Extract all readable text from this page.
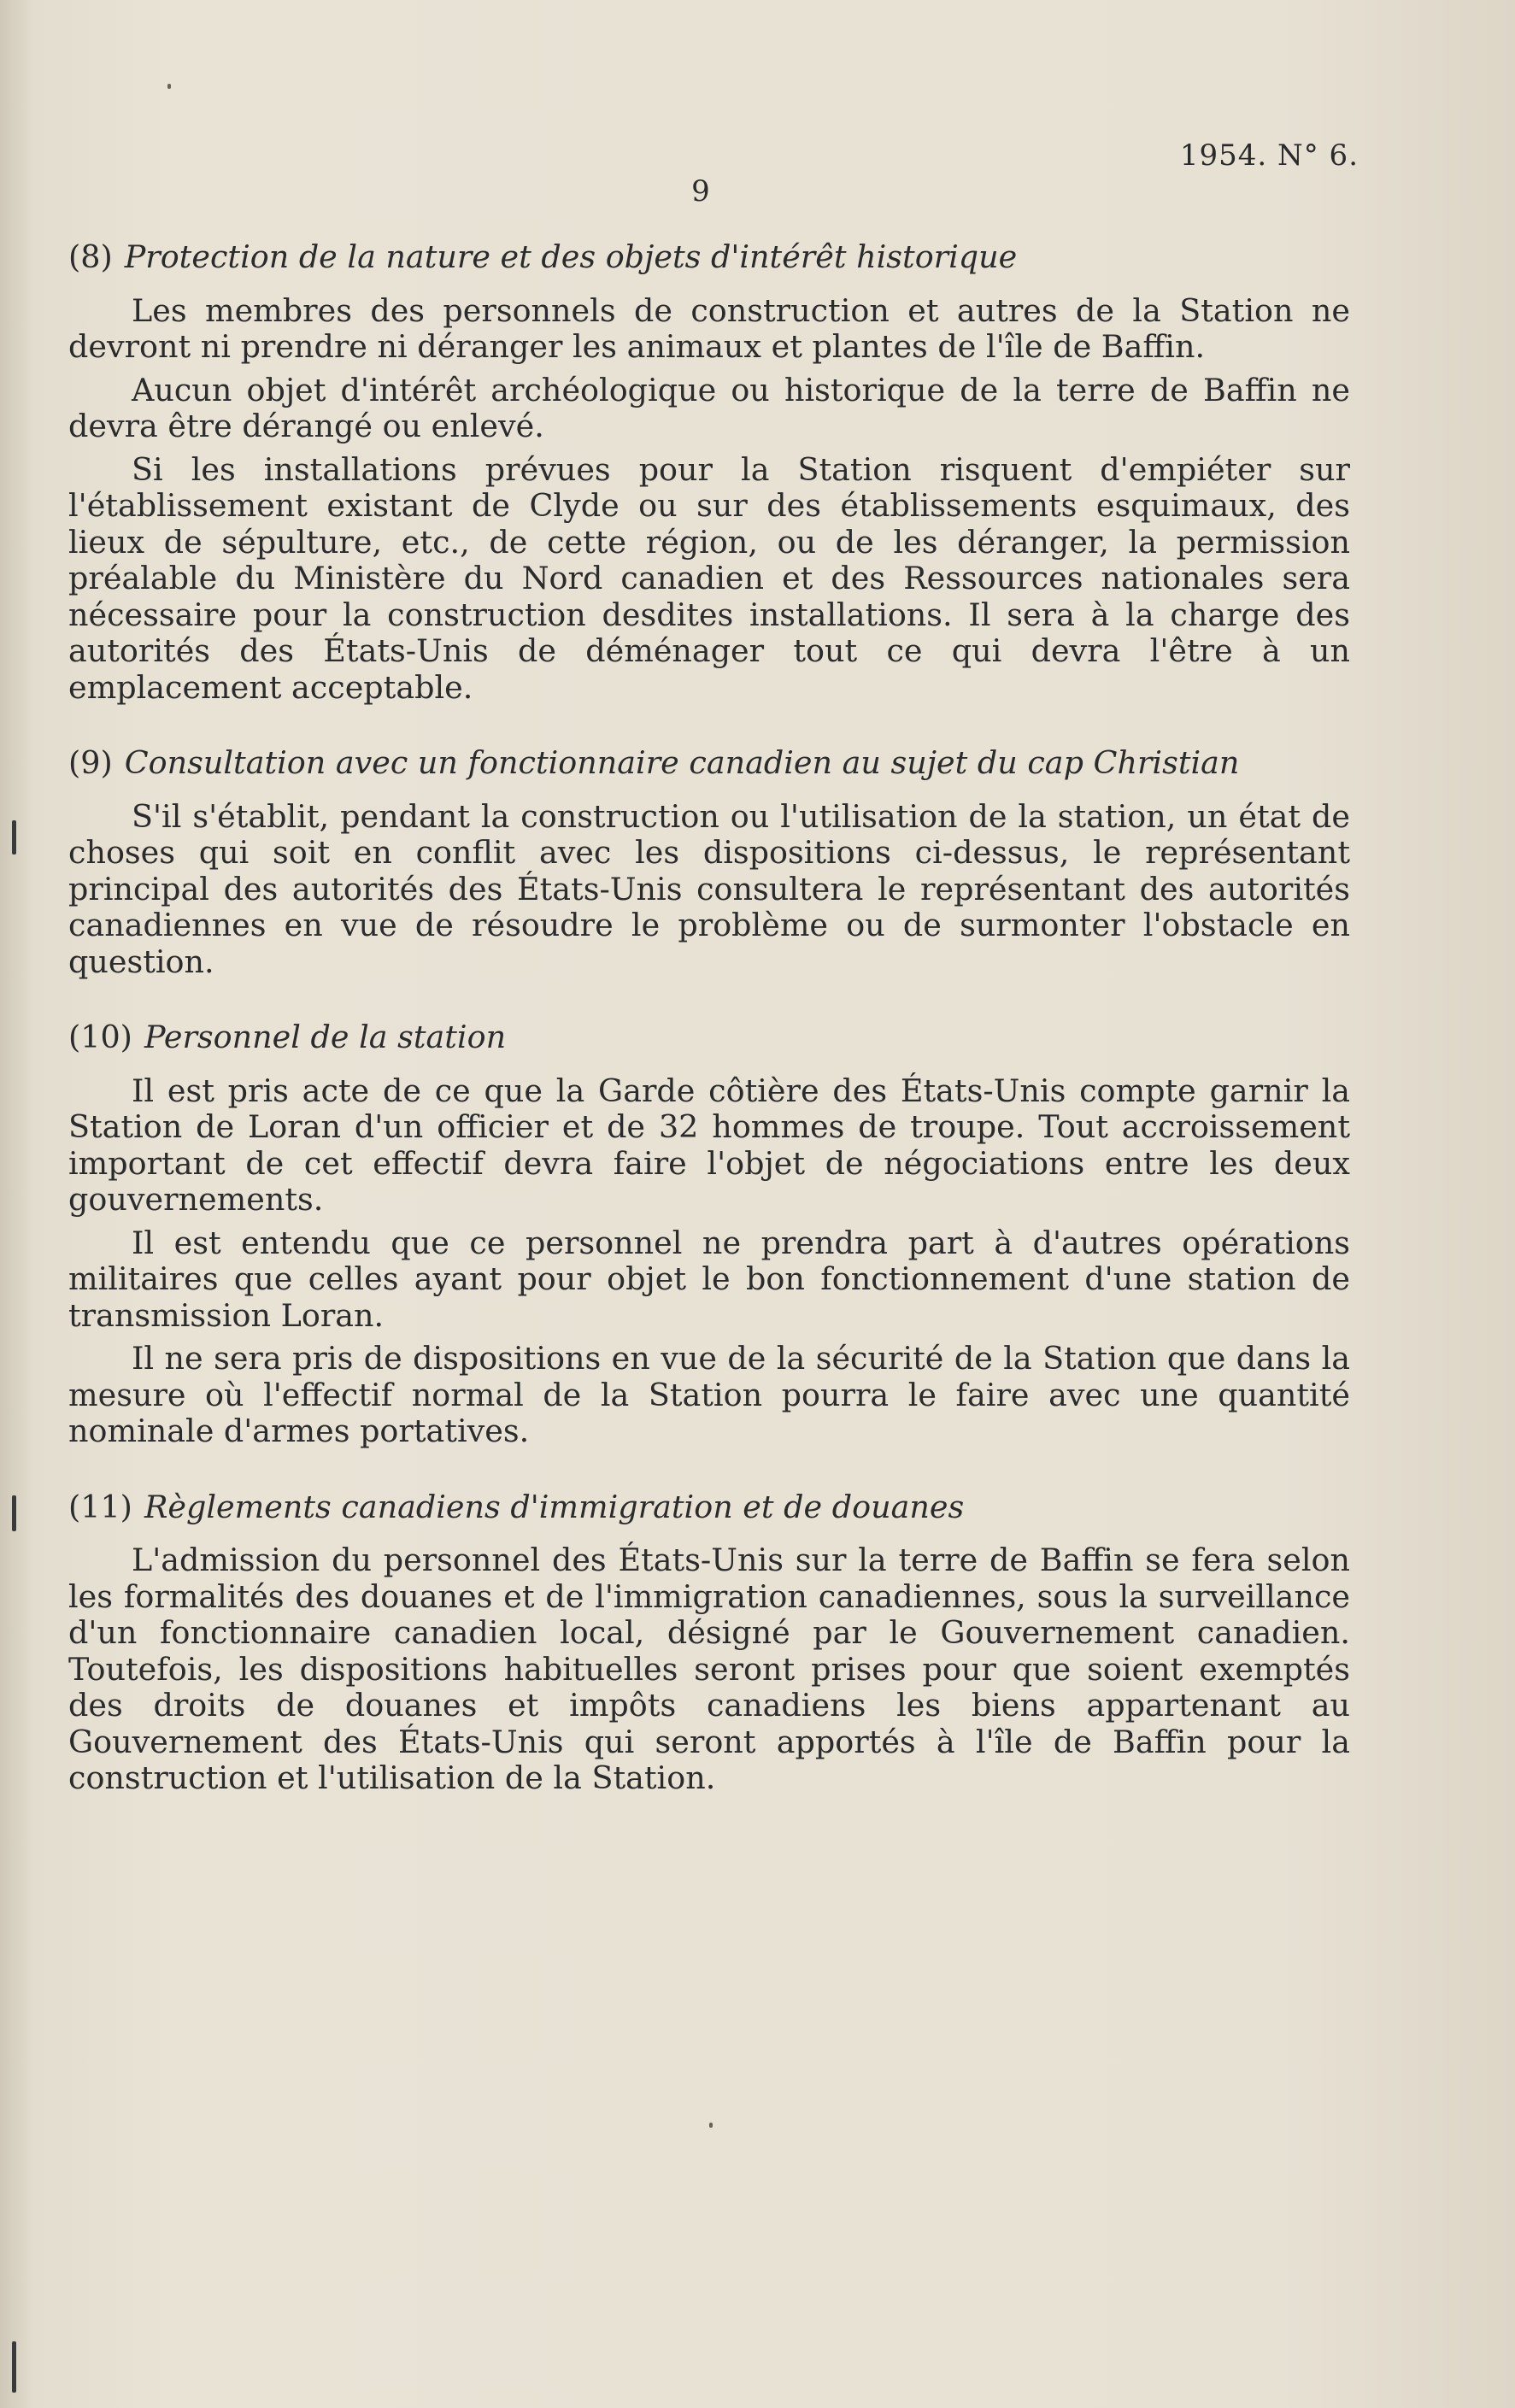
1954. N° 6.
9
(8) Protection de la nature et des objets d'intérêt historique

Les membres des personnels de construction et autres de la Station ne devront ni prendre ni déranger les animaux et plantes de l'île de Baffin.

Aucun objet d'intérêt archéologique ou historique de la terre de Baffin ne devra être dérangé ou enlevé.

Si les installations prévues pour la Station risquent d'empiéter sur l'établissement existant de Clyde ou sur des établissements esquimaux, des lieux de sépulture, etc., de cette région, ou de les déranger, la permission préalable du Ministère du Nord canadien et des Ressources nationales sera nécessaire pour la construction desdites installations. Il sera à la charge des autorités des États-Unis de déménager tout ce qui devra l'être à un emplacement acceptable.

(9) Consultation avec un fonctionnaire canadien au sujet du cap Christian

S'il s'établit, pendant la construction ou l'utilisation de la station, un état de choses qui soit en conflit avec les dispositions ci-dessus, le représentant principal des autorités des États-Unis consultera le représentant des autorités canadiennes en vue de résoudre le problème ou de surmonter l'obstacle en question.

(10) Personnel de la station

Il est pris acte de ce que la Garde côtière des États-Unis compte garnir la Station de Loran d'un officier et de 32 hommes de troupe. Tout accroissement important de cet effectif devra faire l'objet de négociations entre les deux gouvernements.

Il est entendu que ce personnel ne prendra part à d'autres opérations militaires que celles ayant pour objet le bon fonctionnement d'une station de transmission Loran.

Il ne sera pris de dispositions en vue de la sécurité de la Station que dans la mesure où l'effectif normal de la Station pourra le faire avec une quantité nominale d'armes portatives.

(11) Règlements canadiens d'immigration et de douanes

L'admission du personnel des États-Unis sur la terre de Baffin se fera selon les formalités des douanes et de l'immigration canadiennes, sous la surveillance d'un fonctionnaire canadien local, désigné par le Gouvernement canadien. Toutefois, les dispositions habituelles seront prises pour que soient exemptés des droits de douanes et impôts canadiens les biens appartenant au Gouvernement des États-Unis qui seront apportés à l'île de Baffin pour la construction et l'utilisation de la Station.
